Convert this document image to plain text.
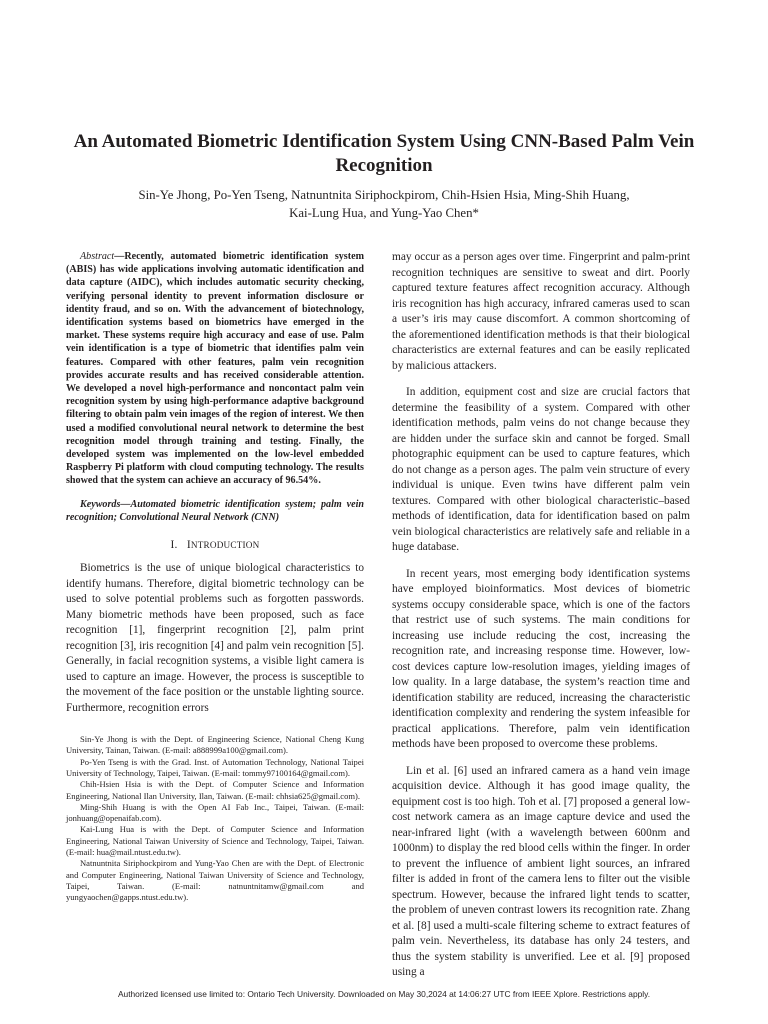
An Automated Biometric Identification System Using CNN-Based Palm Vein Recognition
Sin-Ye Jhong, Po-Yen Tseng, Natnuntnita Siriphockpirom, Chih-Hsien Hsia, Ming-Shih Huang,
Kai-Lung Hua, and Yung-Yao Chen*

Abstract—Recently, automated biometric identification system (ABIS) has wide applications involving automatic identification and data capture (AIDC), which includes automatic security checking, verifying personal identity to prevent information disclosure or identity fraud, and so on. With the advancement of biotechnology, identification systems based on biometrics have emerged in the market. These systems require high accuracy and ease of use. Palm vein identification is a type of biometric that identifies palm vein features. Compared with other features, palm vein recognition provides accurate results and has received considerable attention. We developed a novel high-performance and noncontact palm vein recognition system by using high-performance adaptive background filtering to obtain palm vein images of the region of interest. We then used a modified convolutional neural network to determine the best recognition model through training and testing. Finally, the developed system was implemented on the low-level embedded Raspberry Pi platform with cloud computing technology. The results showed that the system can achieve an accuracy of 96.54%.

Keywords—Automated biometric identification system; palm vein recognition; Convolutional Neural Network (CNN)

I. INTRODUCTION

Biometrics is the use of unique biological characteristics to identify humans. Therefore, digital biometric technology can be used to solve potential problems such as forgotten passwords. Many biometric methods have been proposed, such as face recognition [1], fingerprint recognition [2], palm print recognition [3], iris recognition [4] and palm vein recognition [5]. Generally, in facial recognition systems, a visible light camera is used to capture an image. However, the process is susceptible to the movement of the face position or the unstable lighting source. Furthermore, recognition errors

Sin-Ye Jhong is with the Dept. of Engineering Science, National Cheng Kung University, Tainan, Taiwan. (E-mail: a888999a100@gmail.com).

Po-Yen Tseng is with the Grad. Inst. of Automation Technology, National Taipei University of Technology, Taipei, Taiwan. (E-mail: tommy97100164@gmail.com).

Chih-Hsien Hsia is with the Dept. of Computer Science and Information Engineering, National Ilan University, Ilan, Taiwan. (E-mail: chhsia625@gmail.com).

Ming-Shih Huang is with the Open AI Fab Inc., Taipei, Taiwan. (E-mail: jonhuang@openaifab.com).

Kai-Lung Hua is with the Dept. of Computer Science and Information Engineering, National Taiwan University of Science and Technology, Taipei, Taiwan. (E-mail: hua@mail.ntust.edu.tw).

Natnuntnita Siriphockpirom and Yung-Yao Chen are with the Dept. of Electronic and Computer Engineering, National Taiwan University of Science and Technology, Taipei, Taiwan. (E-mail: natnuntnitamw@gmail.com and yungyaochen@gapps.ntust.edu.tw).

may occur as a person ages over time. Fingerprint and palm-print recognition techniques are sensitive to sweat and dirt. Poorly captured texture features affect recognition accuracy. Although iris recognition has high accuracy, infrared cameras used to scan a user’s iris may cause discomfort. A common shortcoming of the aforementioned identification methods is that their biological characteristics are external features and can be easily replicated by malicious attackers.

In addition, equipment cost and size are crucial factors that determine the feasibility of a system. Compared with other identification methods, palm veins do not change because they are hidden under the surface skin and cannot be forged. Small photographic equipment can be used to capture features, which do not change as a person ages. The palm vein structure of every individual is unique. Even twins have different palm vein textures. Compared with other biological characteristic–based methods of identification, data for identification based on palm vein biological characteristics are relatively safe and reliable in a huge database.

In recent years, most emerging body identification systems have employed bioinformatics. Most devices of biometric systems occupy considerable space, which is one of the factors that restrict use of such systems. The main conditions for increasing use include reducing the cost, increasing the recognition rate, and increasing response time. However, low-cost devices capture low-resolution images, yielding images of low quality. In a large database, the system’s reaction time and identification stability are reduced, increasing the characteristic identification complexity and rendering the system infeasible for practical applications. Therefore, palm vein identification methods have been proposed to overcome these problems.

Lin et al. [6] used an infrared camera as a hand vein image acquisition device. Although it has good image quality, the equipment cost is too high. Toh et al. [7] proposed a general low-cost network camera as an image capture device and used the near-infrared light (with a wavelength between 600nm and 1000nm) to display the red blood cells within the finger. In order to prevent the influence of ambient light sources, an infrared filter is added in front of the camera lens to filter out the visible spectrum. However, because the infrared light tends to scatter, the problem of uneven contrast lowers its recognition rate. Zhang et al. [8] used a multi-scale filtering scheme to extract features of palm vein. Nevertheless, its database has only 24 testers, and thus the system stability is unverified. Lee et al. [9] proposed using a

Authorized licensed use limited to: Ontario Tech University. Downloaded on May 30,2024 at 14:06:27 UTC from IEEE Xplore. Restrictions apply.
